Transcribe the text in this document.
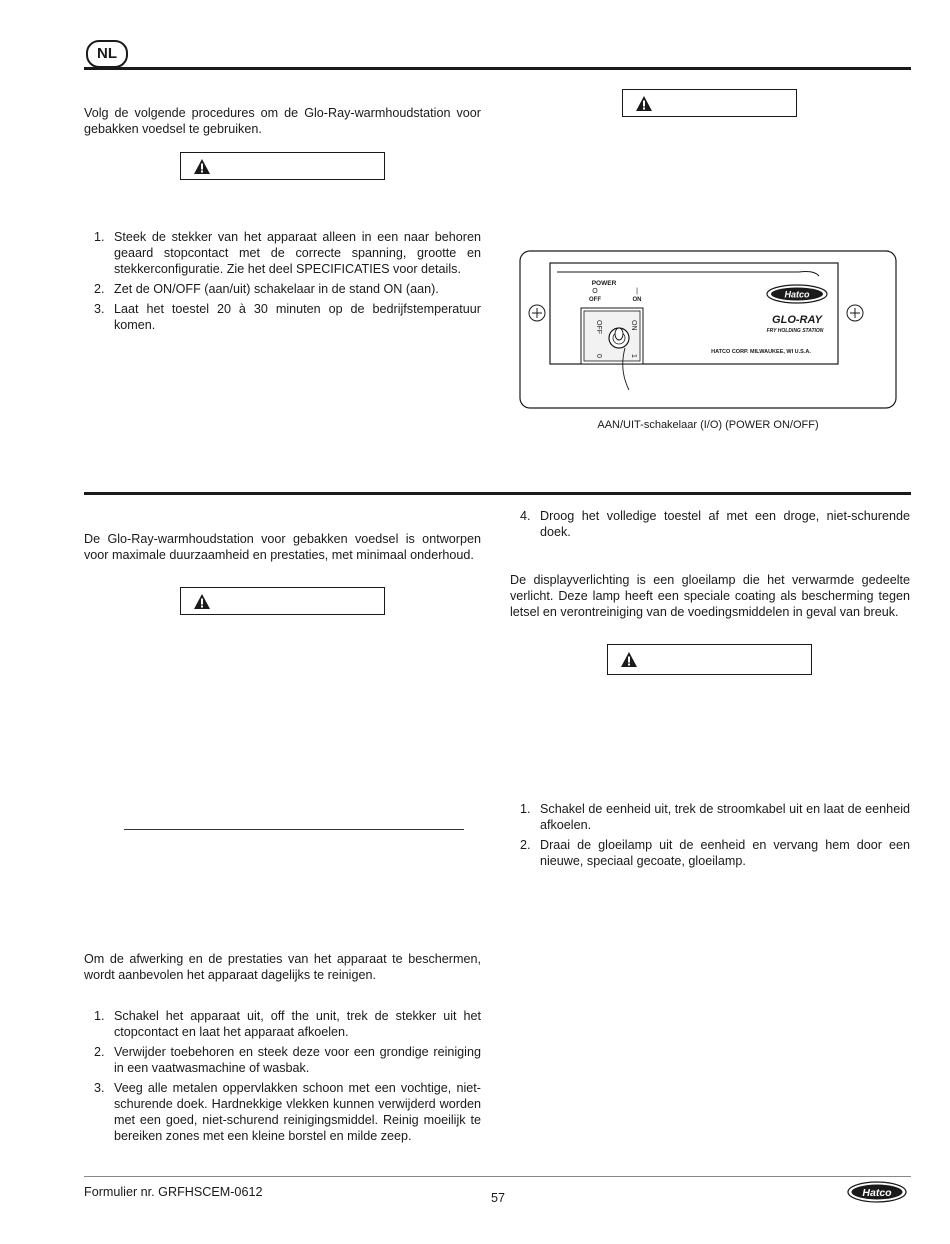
NL

Volg de volgende procedures om de Glo-Ray-warmhoudstation voor gebakken voedsel te gebruiken.

1. Steek de stekker van het apparaat alleen in een naar behoren geaard stopcontact met de correcte spanning, grootte en stekkerconfiguratie. Zie het deel SPECIFICATIES voor details.
2. Zet de ON/OFF (aan/uit) schakelaar in de stand ON (aan).
3. Laat het toestel 20 à 30 minuten op de bedrijfstemperatuur komen.
POWER
O	|
OFF	ON
OFF	ON
0	1
Hatco
GLO-RAY
FRY HOLDING STATION
HATCO CORP. MILWAUKEE, WI U.S.A.
AAN/UIT-schakelaar (I/O) (POWER ON/OFF)

De Glo-Ray-warmhoudstation voor gebakken voedsel is ontworpen voor maximale duurzaamheid en prestaties, met minimaal onderhoud.

Om de afwerking en de prestaties van het apparaat te beschermen, wordt aanbevolen het apparaat dagelijks te reinigen.

1. Schakel het apparaat uit, off the unit, trek de stekker uit het ctopcontact en laat het apparaat afkoelen.
2. Verwijder toebehoren en steek deze voor een grondige reiniging in een vaatwasmachine of wasbak.
3. Veeg alle metalen oppervlakken schoon met een vochtige, niet-schurende doek. Hardnekkige vlekken kunnen verwijderd worden met een goed, niet-schurend reinigingsmiddel. Reinig moeilijk te bereiken zones met een kleine borstel en milde zeep.
4. Droog het volledige toestel af met een droge, niet-schurende doek.

De displayverlichting is een gloeilamp die het verwarmde gedeelte verlicht. Deze lamp heeft een speciale coating als bescherming tegen letsel en verontreiniging van de voedingsmiddelen in geval van breuk.

1. Schakel de eenheid uit, trek de stroomkabel uit en laat de eenheid afkoelen.
2. Draai de gloeilamp uit de eenheid en vervang hem door een nieuwe, speciaal gecoate, gloeilamp.
Formulier nr. GRFHSCEM-0612	57	Hatco
